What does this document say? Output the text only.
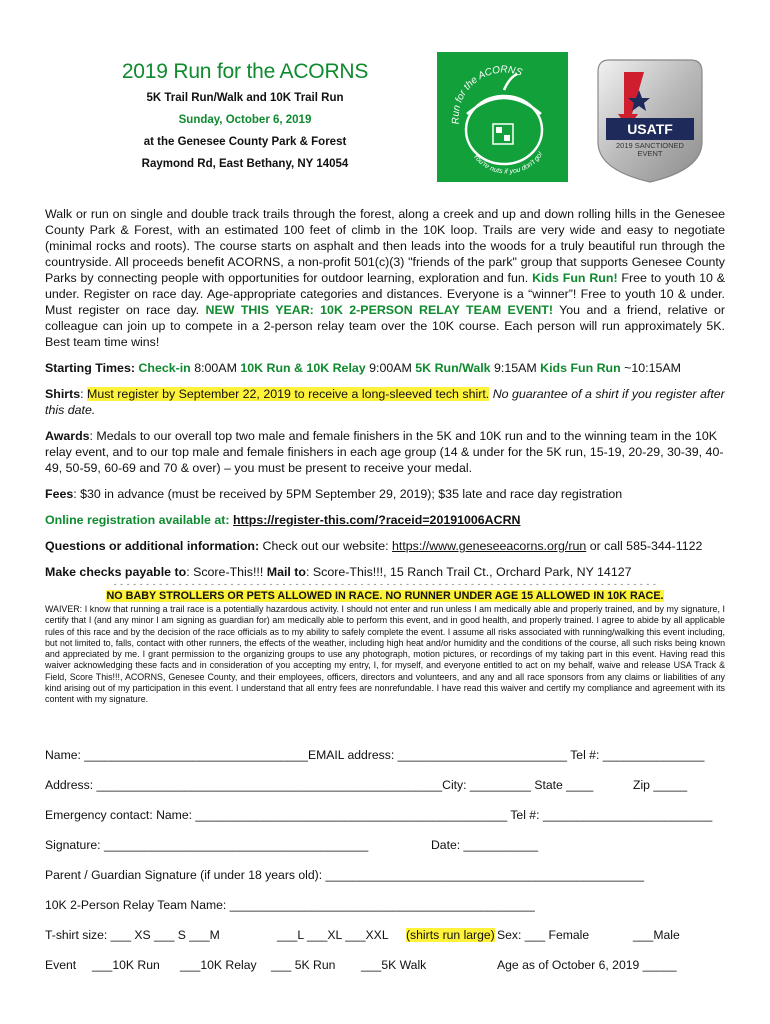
2019 Run for the ACORNS

5K Trail Run/Walk and 10K Trail Run

Sunday, October 6, 2019

at the Genesee County Park & Forest

Raymond Rd, East Bethany, NY 14054

Run for the ACORNS
You're nuts if you don't go!
USATF
2019 SANCTIONED EVENT

Walk or run on single and double track trails through the forest, along a creek and up and down rolling hills in the Genesee County Park & Forest, with an estimated 100 feet of climb in the 10K loop. Trails are very wide and easy to negotiate (minimal rocks and roots). The course starts on asphalt and then leads into the woods for a truly beautiful run through the countryside. All proceeds benefit ACORNS, a non-profit 501(c)(3) "friends of the park" group that supports Genesee County Parks by connecting people with opportunities for outdoor learning, exploration and fun. Kids Fun Run! Free to youth 10 & under. Register on race day. Age-appropriate categories and distances. Everyone is a “winner”! Free to youth 10 & under. Must register on race day. NEW THIS YEAR: 10K 2-PERSON RELAY TEAM EVENT! You and a friend, relative or colleague can join up to compete in a 2-person relay team over the 10K course. Each person will run approximately 5K. Best team time wins!

Starting Times: Check-in 8:00AM 10K Run & 10K Relay 9:00AM 5K Run/Walk 9:15AM Kids Fun Run ~10:15AM

Shirts: Must register by September 22, 2019 to receive a long-sleeved tech shirt. No guarantee of a shirt if you register after this date.

Awards: Medals to our overall top two male and female finishers in the 5K and 10K run and to the winning team in the 10K relay event, and to our top male and female finishers in each age group (14 & under for the 5K run, 15-19, 20-29, 30-39, 40-49, 50-59, 60-69 and 70 & over) – you must be present to receive your medal.

Fees: $30 in advance (must be received by 5PM September 29, 2019); $35 late and race day registration

Online registration available at: https://register-this.com/?raceid=20191006ACRN

Questions or additional information: Check out our website: https://www.geneseeacorns.org/run or call 585-344-1122

Make checks payable to: Score-This!!! Mail to: Score-This!!!, 15 Ranch Trail Ct., Orchard Park, NY 14127

- - - - - - - - - - - - - - - - - - - - - - - - - - - - - - - - - - - - - - - - - - - - - - - - - - - - - - - - - - - - - - - - - - - - - - - - - - - - - - - - - - - -

NO BABY STROLLERS OR PETS ALLOWED IN RACE. NO RUNNER UNDER AGE 15 ALLOWED IN 10K RACE.

WAIVER: I know that running a trail race is a potentially hazardous activity. I should not enter and run unless I am medically able and properly trained, and by my signature, I certify that I (and any minor I am signing as guardian for) am medically able to perform this event, and in good health, and properly trained. I agree to abide by all applicable rules of this race and by the decision of the race officials as to my ability to safely complete the event. I assume all risks associated with running/walking this event including, but not limited to, falls, contact with other runners, the effects of the weather, including high heat and/or humidity and the conditions of the course, all such risks being known and appreciated by me. I grant permission to the organizing groups to use any photograph, motion pictures, or recordings of my taking part in this event. Having read this waiver acknowledging these facts and in consideration of you accepting my entry, I, for myself, and everyone entitled to act on my behalf, waive and release USA Track & Field, Score This!!!, ACORNS, Genesee County, and their employees, officers, directors and volunteers, and any and all race sponsors from any claims or liabilities of any kind arising out of my participation in this event. I understand that all entry fees are nonrefundable. I have read this waiver and certify my compliance and agreement with its content with my signature.

Name: _________________________________EMAIL address: _________________________ Tel #: _______________
Address: ___________________________________________________City: _________ State ____	Zip _____
Emergency contact: Name: ______________________________________________ Tel #: _________________________
Signature: _______________________________________	Date: ___________
Parent / Guardian Signature (if under 18 years old): _______________________________________________
10K 2-Person Relay Team Name: _____________________________________________
T-shirt size: ___ XS ___ S ___M	___L ___XL ___XXL (shirts run large) Sex: ___ Female	___Male
Event ___10K Run ___10K Relay ___ 5K Run ___5K Walk	Age as of October 6, 2019 _____
